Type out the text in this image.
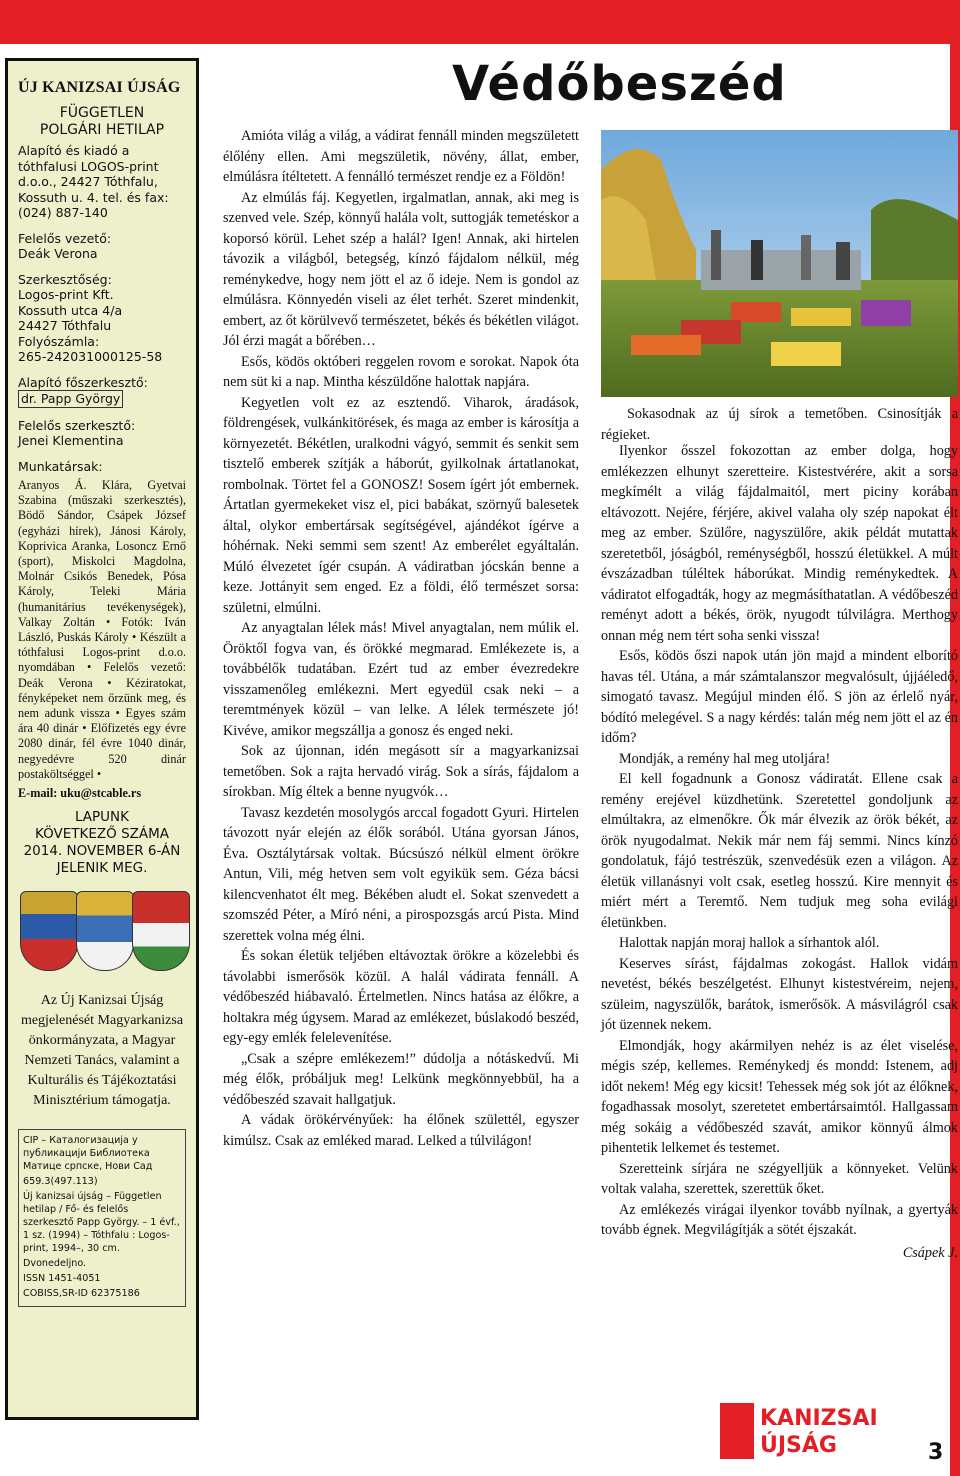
ÚJ KANIZSAI ÚJSÁG
FÜGGETLEN
POLGÁRI HETILAP
Alapító és kiadó a tóthfalusi LOGOS-print d.o.o., 24427 Tóthfalu, Kossuth u. 4. tel. és fax: (024) 887-140
Felelős vezető:
Deák Verona
Szerkesztőség:
Logos-print Kft.
Kossuth utca 4/a
24427 Tóthfalu
Folyószámla:
265-242031000125-58
Alapító főszerkesztő:
dr. Papp György
Felelős szerkesztő:
Jenei Klementina
Munkatársak:
Aranyos Á. Klára, Gyetvai Szabina (műszaki szerkesztés), Bödő Sándor, Csápek József (egyházi hírek), Jánosi Károly, Koprivica Aranka, Losoncz Ernő (sport), Miskolci Magdolna, Molnár Csikós Benedek, Pósa Károly, Teleki Mária (humanitárius tevékenységek), Valkay Zoltán • Fotók: Iván László, Puskás Károly • Készült a tóthfalusi Logos-print d.o.o. nyomdában • Felelős vezető: Deák Verona • Kéziratokat, fényképeket nem őrzünk meg, és nem adunk vissza • Egyes szám ára 40 dinár • Előfizetés egy évre 2080 dinár, fél évre 1040 dinár, negyedévre 520 dinár postaköltséggel •
E-mail: uku@stcable.rs
LAPUNK
KÖVETKEZŐ SZÁMA
2014. NOVEMBER 6-ÁN
JELENIK MEG.
Az Új Kanizsai Újság megjelenését Magyarkanizsa önkormányzata, a Magyar Nemzeti Tanács, valamint a Kulturális és Tájékoztatási Minisztérium támogatja.
CIP – Каталогизација у публикацији Библиотека Матице српске, Нови Сад
659.3(497.113)
Új kanizsai újság – Független hetilap / Fő- és felelős szerkesztő Papp György. – 1 évf., 1 sz. (1994) – Tóthfalu : Logos-print, 1994–, 30 cm.
Dvonedeljno.
ISSN 1451-4051
COBISS,SR-ID 62375186
Védőbeszéd

Amióta világ a világ, a vádirat fennáll minden megszületett élőlény ellen. Ami megszületik, növény, állat, ember, elmúlásra ítéltetett. A fennálló természet rendje ez a Földön!

Az elmúlás fáj. Kegyetlen, irgalmatlan, annak, aki meg is szenved vele. Szép, könnyű halála volt, suttogják temetéskor a koporsó körül. Lehet szép a halál? Igen! Annak, aki hirtelen távozik a világból, betegség, kínzó fájdalom nélkül, még reménykedve, hogy nem jött el az ő ideje. Nem is gondol az elmúlásra. Könnyedén viseli az élet terhét. Szeret mindenkit, embert, az őt körülvevő természetet, békés és békétlen világot. Jól érzi magát a bőrében…

Esős, ködös októberi reggelen rovom e sorokat. Napok óta nem süt ki a nap. Mintha készüldőne halottak napjára.

Kegyetlen volt ez az esztendő. Viharok, áradások, földrengések, vulkánkitörések, és maga az ember is károsítja a környezetét. Békétlen, uralkodni vágyó, semmit és senkit sem tisztelő emberek szítják a háborút, gyilkolnak ártatlanokat, rombolnak. Törtet fel a GONOSZ! Sosem ígért jót embernek. Ártatlan gyermekeket visz el, pici babákat, szörnyű balesetek által, olykor embertársak segítségével, ajándékot ígérve a hóhérnak. Neki semmi sem szent! Az emberélet egyáltalán. Múló élvezetet ígér csupán. A vádiratban jócskán benne a keze. Jottányit sem enged. Ez a földi, élő természet sorsa: születni, elmúlni.

Az anyagtalan lélek más! Mivel anyagtalan, nem múlik el. Öröktől fogva van, és örökké megmarad. Emlékezete is, a továbbélők tudatában. Ezért tud az ember évezredekre visszamenőleg emlékezni. Mert egyedül csak neki – a teremtmények közül – van lelke. A lélek természete jó! Kivéve, amikor megszállja a gonosz és enged neki.

Sok az újonnan, idén megásott sír a magyarkanizsai temetőben. Sok a rajta hervadó virág. Sok a sírás, fájdalom a sírokban. Míg éltek a benne nyugvók…

Tavasz kezdetén mosolygós arccal fogadott Gyuri. Hirtelen távozott nyár elején az élők sorából. Utána gyorsan János, Éva. Osztálytársak voltak. Búcsúszó nélkül elment örökre Antun, Vili, még hetven sem volt egyikük sem. Géza bácsi kilencvenhatot élt meg. Békében aludt el. Sokat szenvedett a szomszéd Péter, a Míró néni, a pirospozsgás arcú Pista. Mind szerettek volna még élni.

És sokan életük teljében eltávoztak örökre a közelebbi és távolabbi ismerősök közül. A halál vádirata fennáll. A védőbeszéd hiábavaló. Értelmetlen. Nincs hatása az élőkre, a holtakra még úgysem. Marad az emlékezet, búslakodó beszéd, egy-egy emlék felelevenítése.

„Csak a szépre emlékezem!” dúdolja a nótáskedvű. Mi még élők, próbáljuk meg! Lelkünk megkönnyebbül, ha a védőbeszéd szavait hallgatjuk.

A vádak örökérvényűek: ha élőnek születtél, egyszer kimúlsz. Csak az emléked marad. Lelked a túlvilágon!

Sokasodnak az új sírok a temetőben. Csinosítják a régieket.

Ilyenkor ősszel fokozottan az ember dolga, hogy emlékezzen elhunyt szeretteire. Kistestvérére, akit a sorsa megkímélt a világ fájdalmaitól, mert piciny korában eltávozott. Nejére, férjére, akivel valaha oly szép napokat élt meg az ember. Szülőre, nagyszülőre, akik példát mutattak szeretetből, jóságból, reménységből, hosszú életükkel. A múlt évszázadban túléltek háborúkat. Mindig reménykedtek. A vádiratot elfogadták, hogy az megmásíthatatlan. A védőbeszéd reményt adott a békés, örök, nyugodt túlvilágra. Merthogy onnan még nem tért soha senki vissza!

Esős, ködös őszi napok után jön majd a mindent elborító havas tél. Utána, a már számtalanszor megvalósult, újjáéledő, simogató tavasz. Megújul minden élő. S jön az érlelő nyár, bódító melegével. S a nagy kérdés: talán még nem jött el az én időm?

Mondják, a remény hal meg utoljára!

El kell fogadnunk a Gonosz vádiratát. Ellene csak a remény erejével küzdhetünk. Szeretettel gondoljunk az elmúltakra, az elmenőkre. Ők már élvezik az örök békét, az örök nyugodalmat. Nekik már nem fáj semmi. Nincs kínzó gondolatuk, fájó testrészük, szenvedésük ezen a világon. Az életük villanásnyi volt csak, esetleg hosszú. Kire mennyit és miért mért a Teremtő. Nem tudjuk meg soha evilági életünkben.

Halottak napján moraj hallok a sírhantok alól.

Keserves sírást, fájdalmas zokogást. Hallok vidám nevetést, békés beszélgetést. Elhunyt kistestvéreim, nejem, szüleim, nagyszülők, barátok, ismerősök. A másvilágról csak jót üzennek nekem.

Elmondják, hogy akármilyen nehéz is az élet viselése, mégis szép, kellemes. Reménykedj és mondd: Istenem, adj időt nekem! Még egy kicsit! Tehessek még sok jót az élőknek, fogadhassak mosolyt, szeretetet embertársaimtól. Hallgassam még sokáig a védőbeszéd szavát, amikor könnyű álmok pihentetik lelkemet és testemet.

Szeretteink sírjára ne szégyelljük a könnyeket. Velünk voltak valaha, szerettek, szerettük őket.

Az emlékezés virágai ilyenkor tovább nyílnak, a gyertyák tovább égnek. Megvilágítják a sötét éjszakát.

Csápek J.
KANIZSAI
ÚJSÁG	3
